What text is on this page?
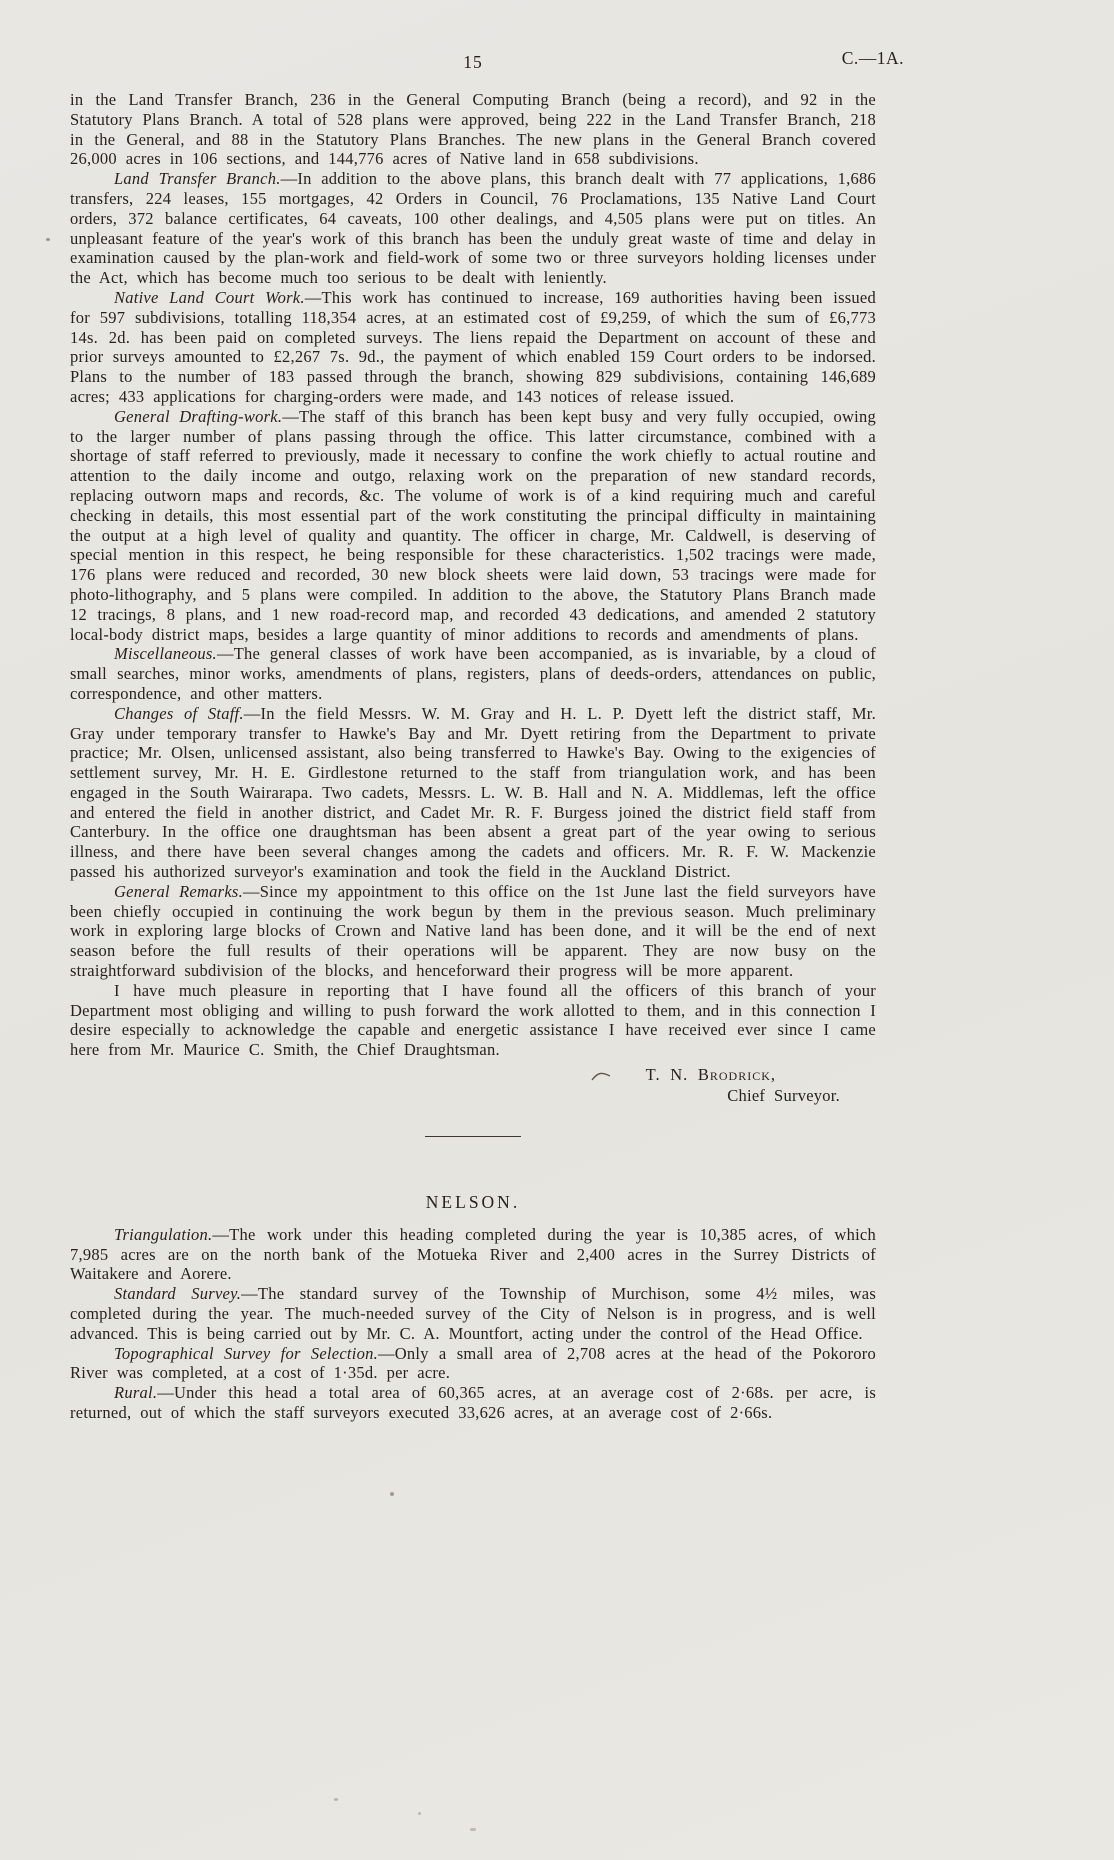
15	C.—1A.

in the Land Transfer Branch, 236 in the General Computing Branch (being a record), and 92 in the Statutory Plans Branch. A total of 528 plans were approved, being 222 in the Land Transfer Branch, 218 in the General, and 88 in the Statutory Plans Branches. The new plans in the General Branch covered 26,000 acres in 106 sections, and 144,776 acres of Native land in 658 subdivisions.

Land Transfer Branch.—In addition to the above plans, this branch dealt with 77 applications, 1,686 transfers, 224 leases, 155 mortgages, 42 Orders in Council, 76 Proclamations, 135 Native Land Court orders, 372 balance certificates, 64 caveats, 100 other dealings, and 4,505 plans were put on titles. An unpleasant feature of the year's work of this branch has been the unduly great waste of time and delay in examination caused by the plan-work and field-work of some two or three surveyors holding licenses under the Act, which has become much too serious to be dealt with leniently.

Native Land Court Work.—This work has continued to increase, 169 authorities having been issued for 597 subdivisions, totalling 118,354 acres, at an estimated cost of £9,259, of which the sum of £6,773 14s. 2d. has been paid on completed surveys. The liens repaid the Department on account of these and prior surveys amounted to £2,267 7s. 9d., the payment of which enabled 159 Court orders to be indorsed. Plans to the number of 183 passed through the branch, showing 829 subdivisions, containing 146,689 acres; 433 applications for charging-orders were made, and 143 notices of release issued.

General Drafting-work.—The staff of this branch has been kept busy and very fully occupied, owing to the larger number of plans passing through the office. This latter circumstance, combined with a shortage of staff referred to previously, made it necessary to confine the work chiefly to actual routine and attention to the daily income and outgo, relaxing work on the preparation of new standard records, replacing outworn maps and records, &c. The volume of work is of a kind requiring much and careful checking in details, this most essential part of the work constituting the principal difficulty in maintaining the output at a high level of quality and quantity. The officer in charge, Mr. Caldwell, is deserving of special mention in this respect, he being responsible for these characteristics. 1,502 tracings were made, 176 plans were reduced and recorded, 30 new block sheets were laid down, 53 tracings were made for photo-lithography, and 5 plans were compiled. In addition to the above, the Statutory Plans Branch made 12 tracings, 8 plans, and 1 new road-record map, and recorded 43 dedications, and amended 2 statutory local-body district maps, besides a large quantity of minor additions to records and amendments of plans.

Miscellaneous.—The general classes of work have been accompanied, as is invariable, by a cloud of small searches, minor works, amendments of plans, registers, plans of deeds-orders, attendances on public, correspondence, and other matters.

Changes of Staff.—In the field Messrs. W. M. Gray and H. L. P. Dyett left the district staff, Mr. Gray under temporary transfer to Hawke's Bay and Mr. Dyett retiring from the Department to private practice; Mr. Olsen, unlicensed assistant, also being transferred to Hawke's Bay. Owing to the exigencies of settlement survey, Mr. H. E. Girdlestone returned to the staff from triangulation work, and has been engaged in the South Wairarapa. Two cadets, Messrs. L. W. B. Hall and N. A. Middlemas, left the office and entered the field in another district, and Cadet Mr. R. F. Burgess joined the district field staff from Canterbury. In the office one draughtsman has been absent a great part of the year owing to serious illness, and there have been several changes among the cadets and officers. Mr. R. F. W. Mackenzie passed his authorized surveyor's examination and took the field in the Auckland District.

General Remarks.—Since my appointment to this office on the 1st June last the field surveyors have been chiefly occupied in continuing the work begun by them in the previous season. Much preliminary work in exploring large blocks of Crown and Native land has been done, and it will be the end of next season before the full results of their operations will be apparent. They are now busy on the straightforward subdivision of the blocks, and henceforward their progress will be more apparent.

I have much pleasure in reporting that I have found all the officers of this branch of your Department most obliging and willing to push forward the work allotted to them, and in this connection I desire especially to acknowledge the capable and energetic assistance I have received ever since I came here from Mr. Maurice C. Smith, the Chief Draughtsman.

T. N. Brodrick,
Chief Surveyor.
NELSON.

Triangulation.—The work under this heading completed during the year is 10,385 acres, of which 7,985 acres are on the north bank of the Motueka River and 2,400 acres in the Surrey Districts of Waitakere and Aorere.

Standard Survey.—The standard survey of the Township of Murchison, some 4½ miles, was completed during the year. The much-needed survey of the City of Nelson is in progress, and is well advanced. This is being carried out by Mr. C. A. Mountfort, acting under the control of the Head Office.

Topographical Survey for Selection.—Only a small area of 2,708 acres at the head of the Pokororo River was completed, at a cost of 1·35d. per acre.

Rural.—Under this head a total area of 60,365 acres, at an average cost of 2·68s. per acre, is returned, out of which the staff surveyors executed 33,626 acres, at an average cost of 2·66s.
